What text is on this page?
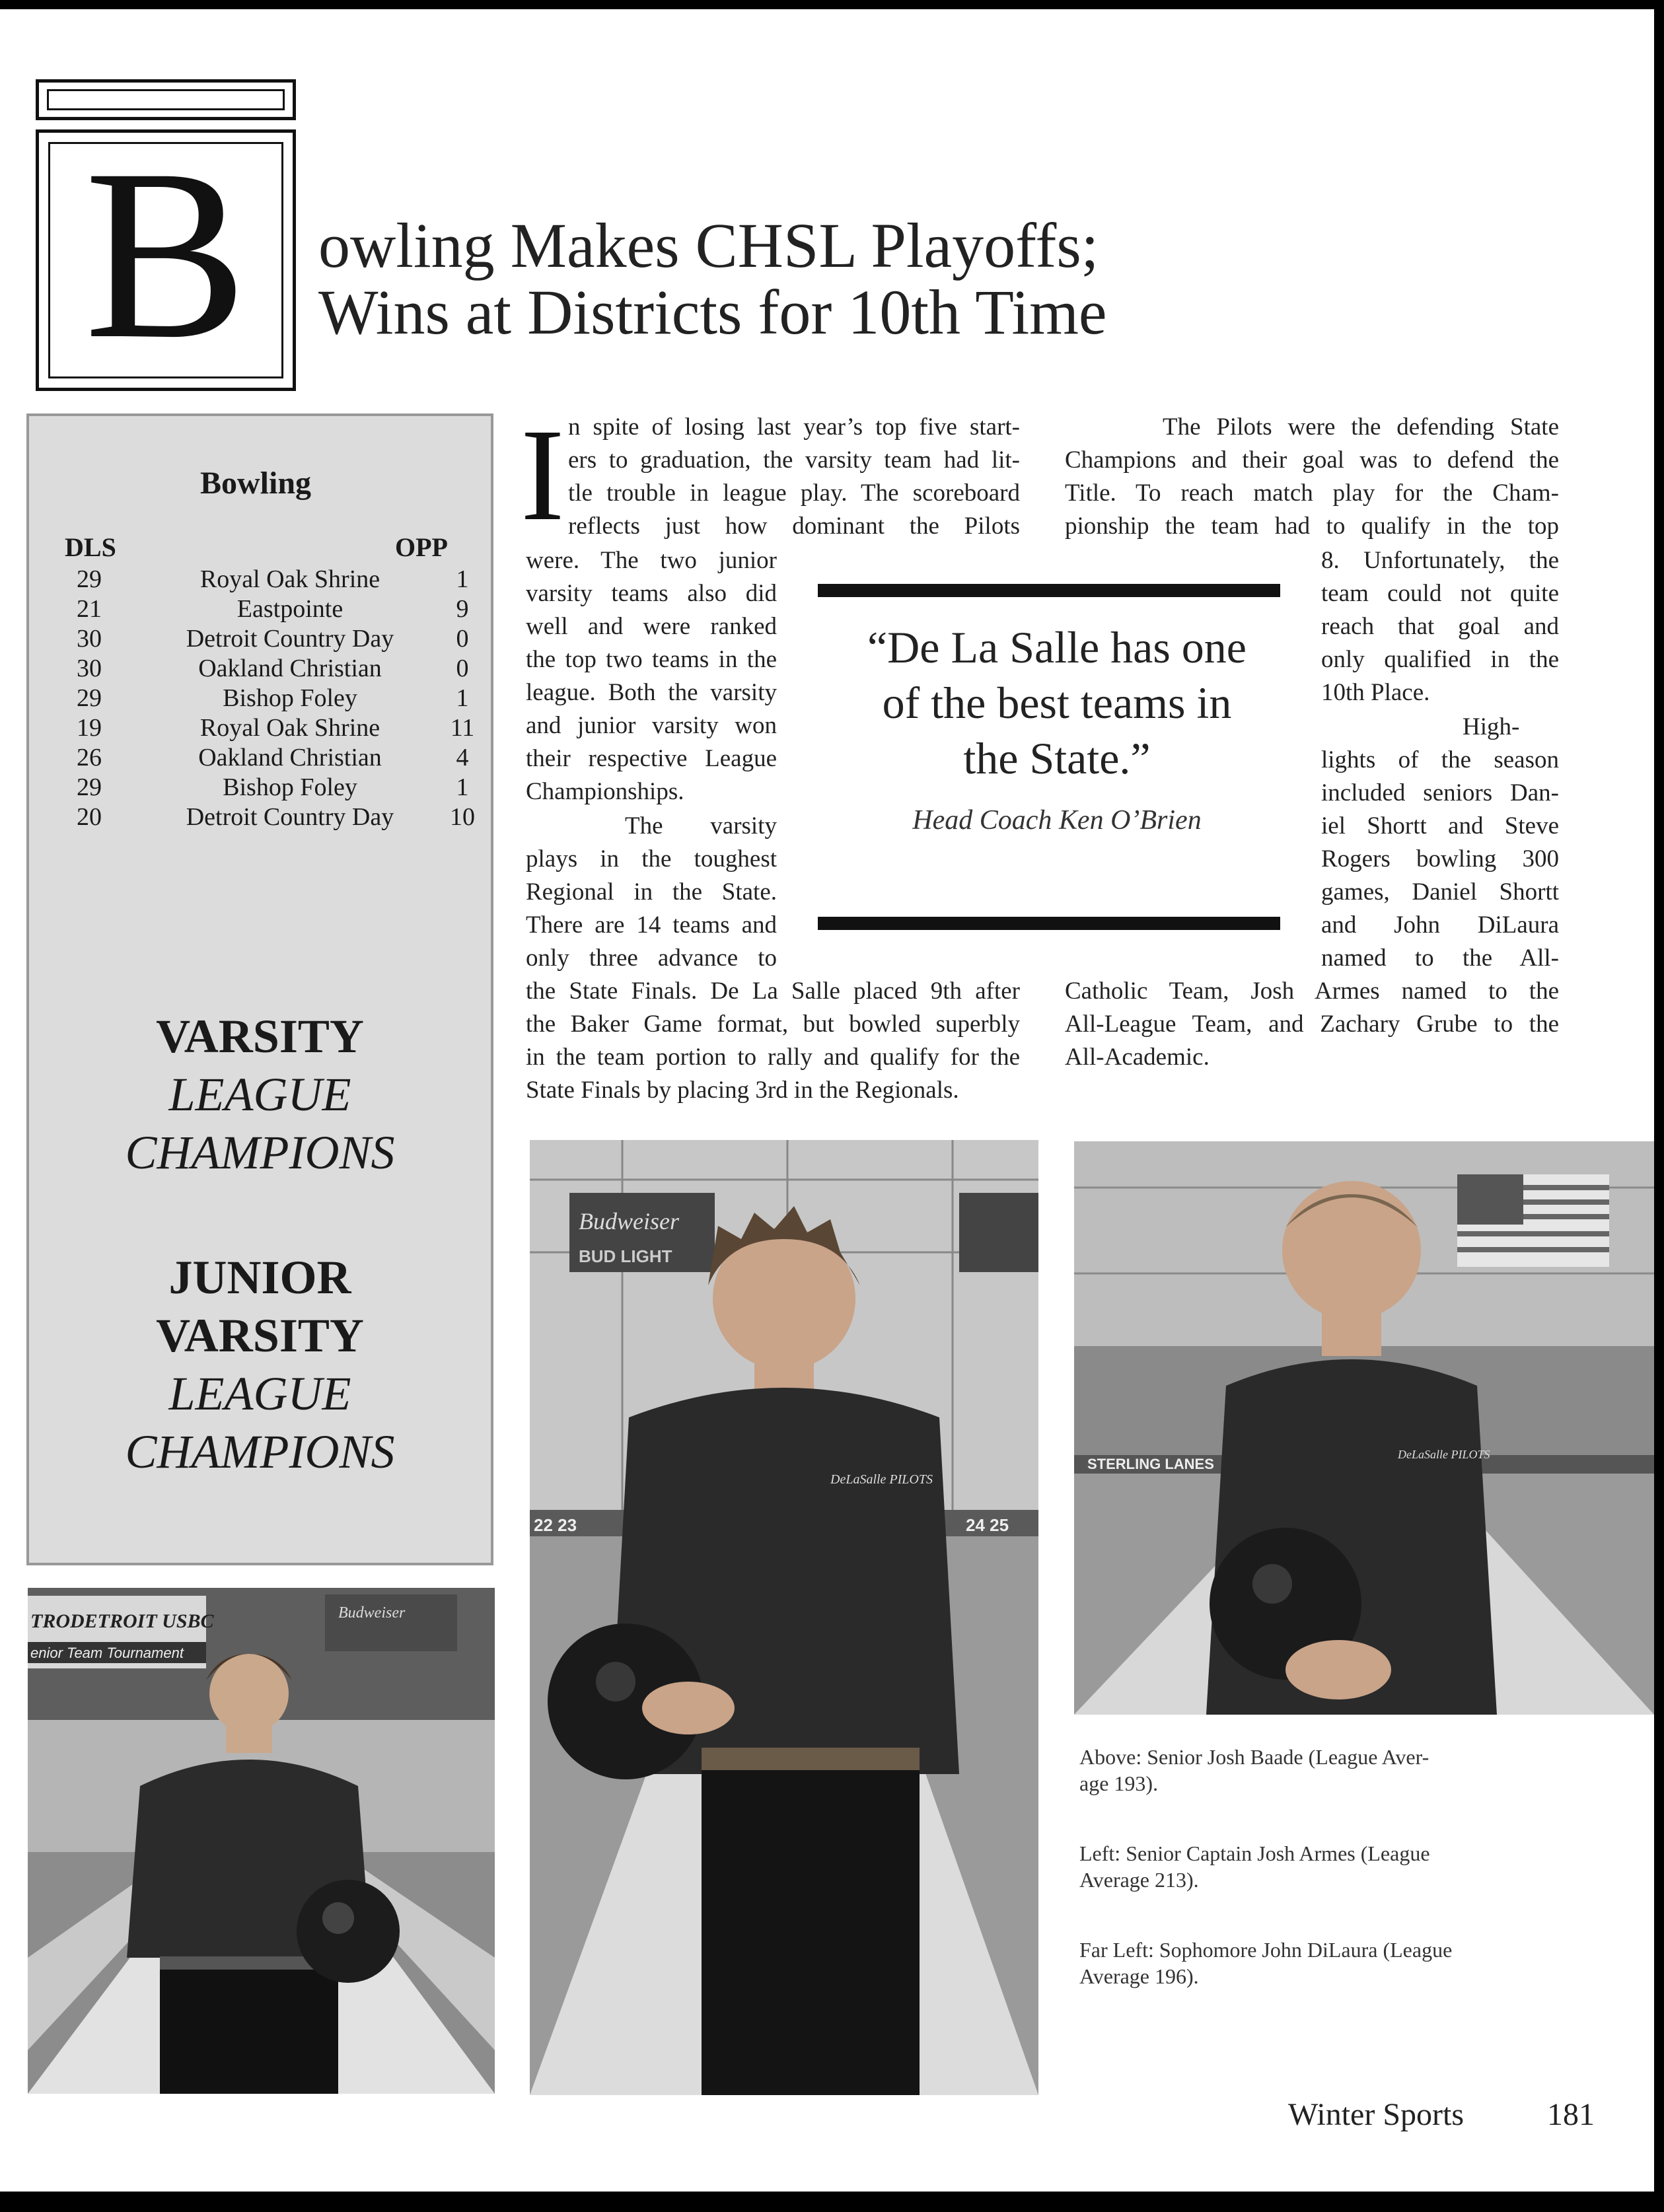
B	owling Makes CHSL Playoffs;
Wins at Districts for 10th Time
Bowling
DLS	OPP
29	Royal Oak Shrine	1
21	Eastpointe	9
30	Detroit Country Day	0
30	Oakland Christian	0
29	Bishop Foley	1
19	Royal Oak Shrine	11
26	Oakland Christian	4
29	Bishop Foley	1
20	Detroit Country Day	10
VARSITY
LEAGUE
CHAMPIONS
JUNIOR
VARSITY
LEAGUE
CHAMPIONS
I n spite of losing last year’s top five start-
ers to graduation, the varsity team had lit-
tle trouble in league play. The scoreboard
reflects just how dominant the Pilots
were. The two junior
varsity teams also did
well and were ranked
the top two teams in the
league. Both the varsity
and junior varsity won
their respective League
Championships.
The varsity
plays in the toughest
Regional in the State.
There are 14 teams and
only three advance to
the State Finals. De La Salle placed 9th after
the Baker Game format, but bowled superbly
in the team portion to rally and qualify for the
State Finals by placing 3rd in the Regionals.
The Pilots were the defending State
Champions and their goal was to defend the
Title. To reach match play for the Cham-
pionship the team had to qualify in the top
8. Unfortunately, the
team could not quite
reach that goal and
only qualified in the
10th Place.
High-
lights of the season
included seniors Dan-
iel Shortt and Steve
Rogers bowling 300
games, Daniel Shortt
and John DiLaura
named to the All-
Catholic Team, Josh Armes named to the
All-League Team, and Zachary Grube to the
All-Academic.
“De La Salle has one
of the best teams in
the State.”
Head Coach Ken O’Brien
TRODETROIT USBC
enior Team Tournament
Budweiser
Budweiser
BUD LIGHT
22 23	24 25
DeLaSalle PILOTS
STERLING LANES
DeLaSalle PILOTS
Above: Senior Josh Baade (League Aver-
age 193).
Left: Senior Captain Josh Armes (League
Average 213).
Far Left: Sophomore John DiLaura (League
Average 196).
Winter Sports	181
